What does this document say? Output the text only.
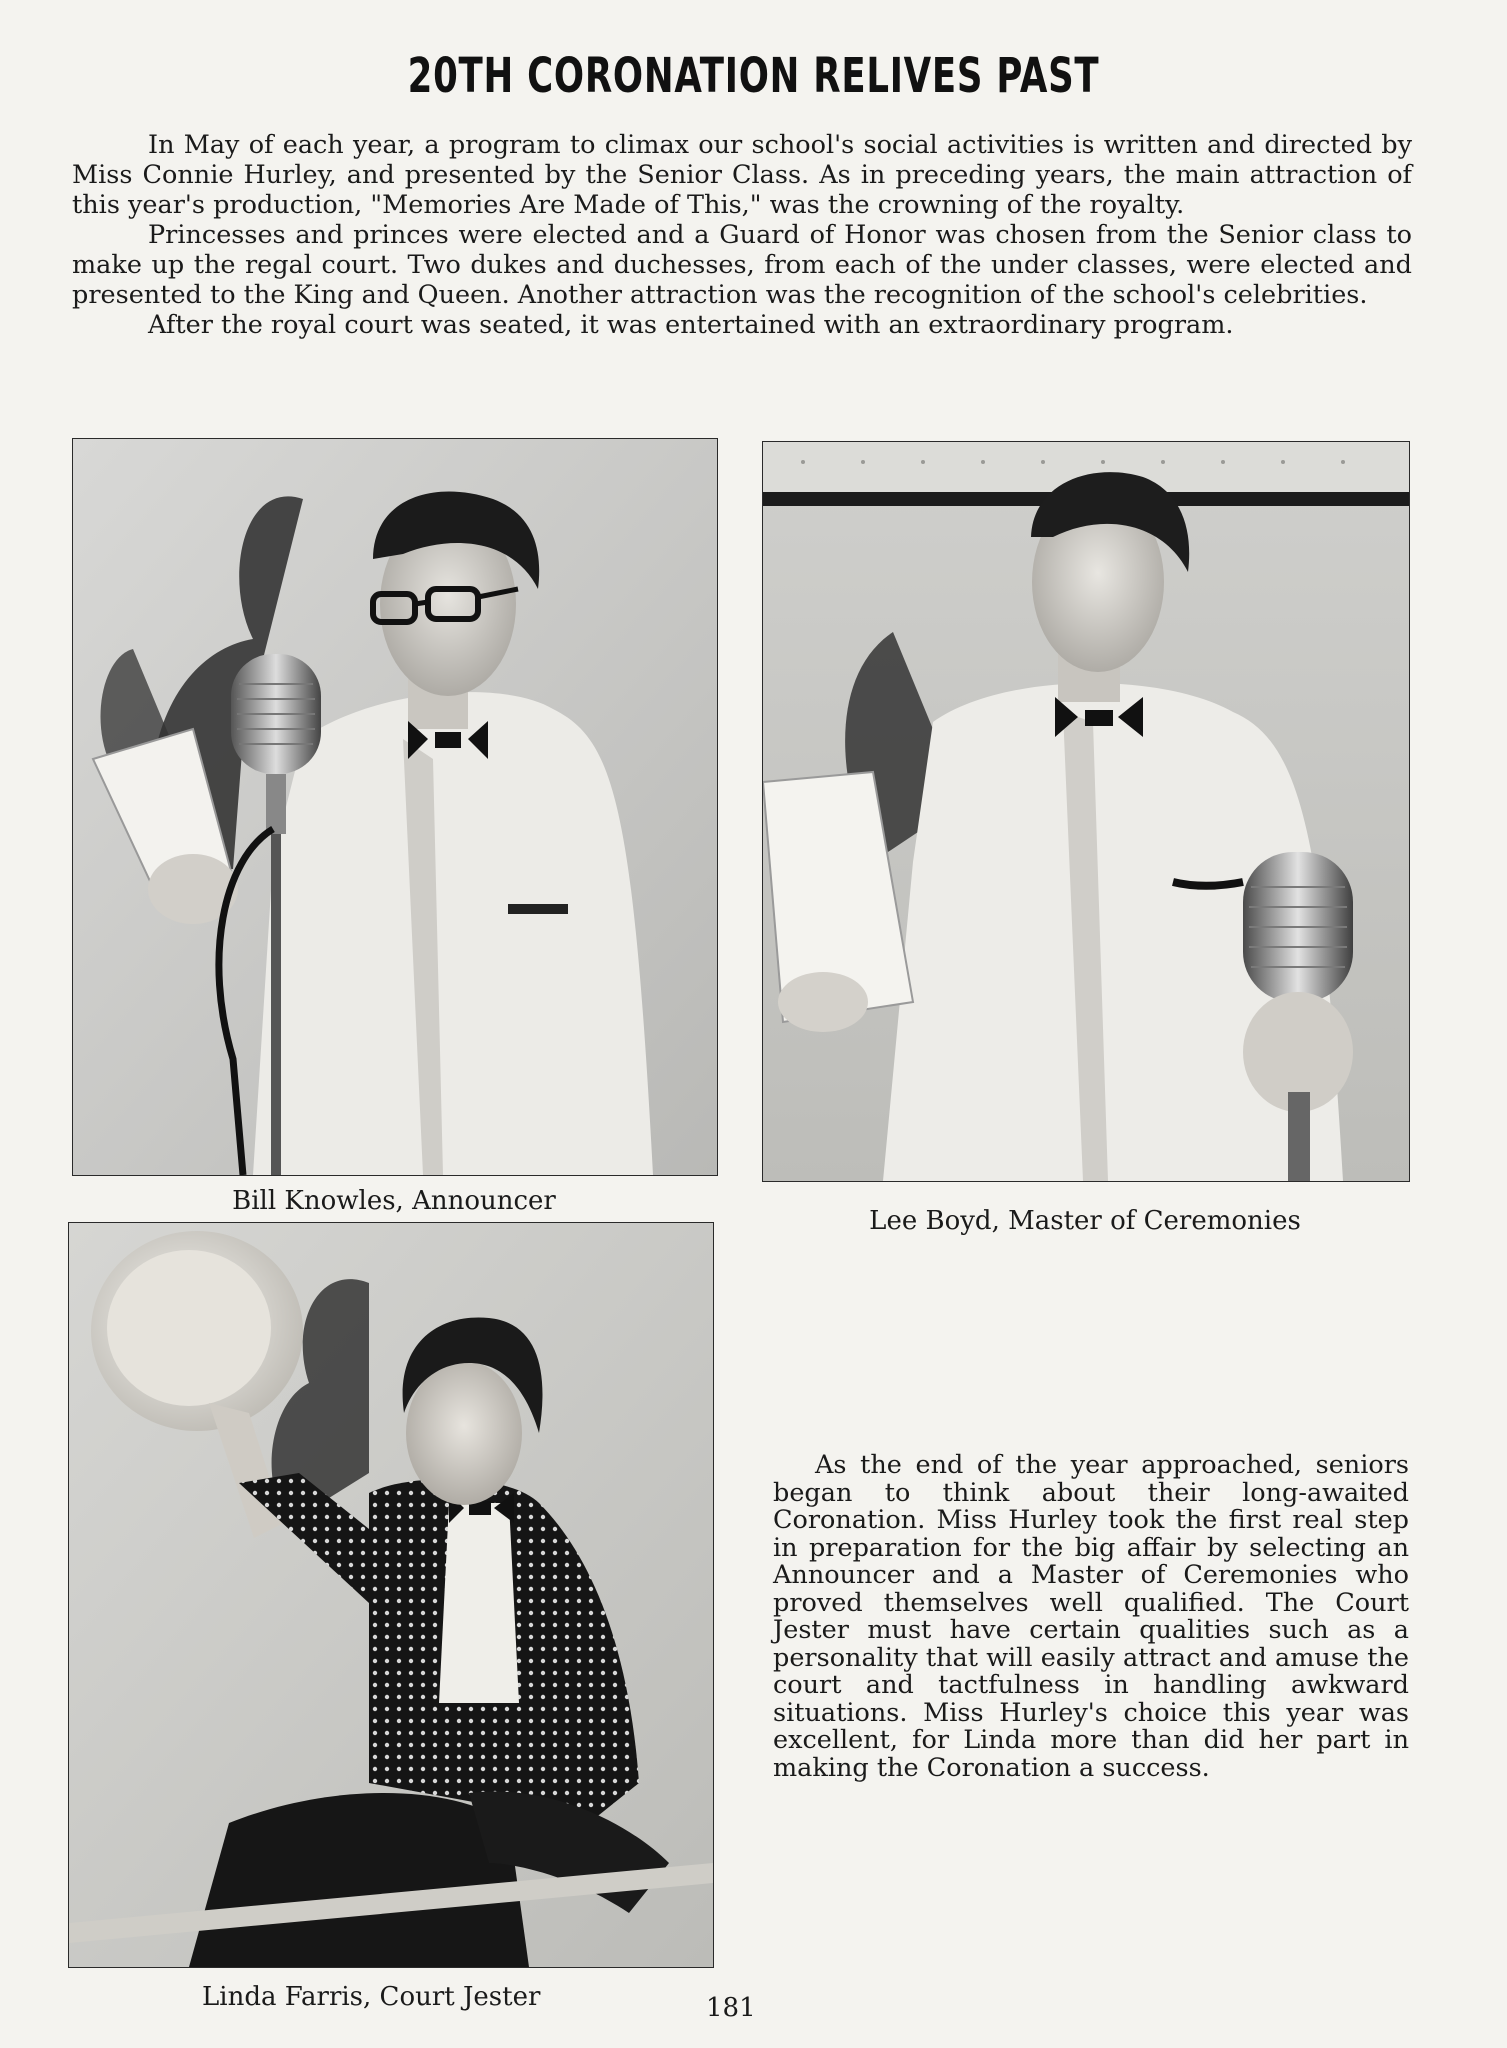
20TH CORONATION RELIVES PAST

In May of each year, a program to climax our school's social activities is written and directed by Miss Connie Hurley, and presented by the Senior Class. As in preceding years, the main attraction of this year's production, "Memories Are Made of This," was the crowning of the royalty.

Princesses and princes were elected and a Guard of Honor was chosen from the Senior class to make up the regal court. Two dukes and duchesses, from each of the under classes, were elected and presented to the King and Queen. Another attraction was the recognition of the school's celebrities.

After the royal court was seated, it was entertained with an extraordinary program.

Bill Knowles, Announcer
Lee Boyd, Master of Ceremonies
Linda Farris, Court Jester	181

As the end of the year approached, seniors began to think about their long-awaited Coronation. Miss Hurley took the first real step in preparation for the big affair by selecting an Announcer and a Master of Ceremonies who proved themselves well qualified. The Court Jester must have certain qualities such as a personality that will easily attract and amuse the court and tactfulness in handling awkward situations. Miss Hurley's choice this year was excellent, for Linda more than did her part in making the Coronation a success.
